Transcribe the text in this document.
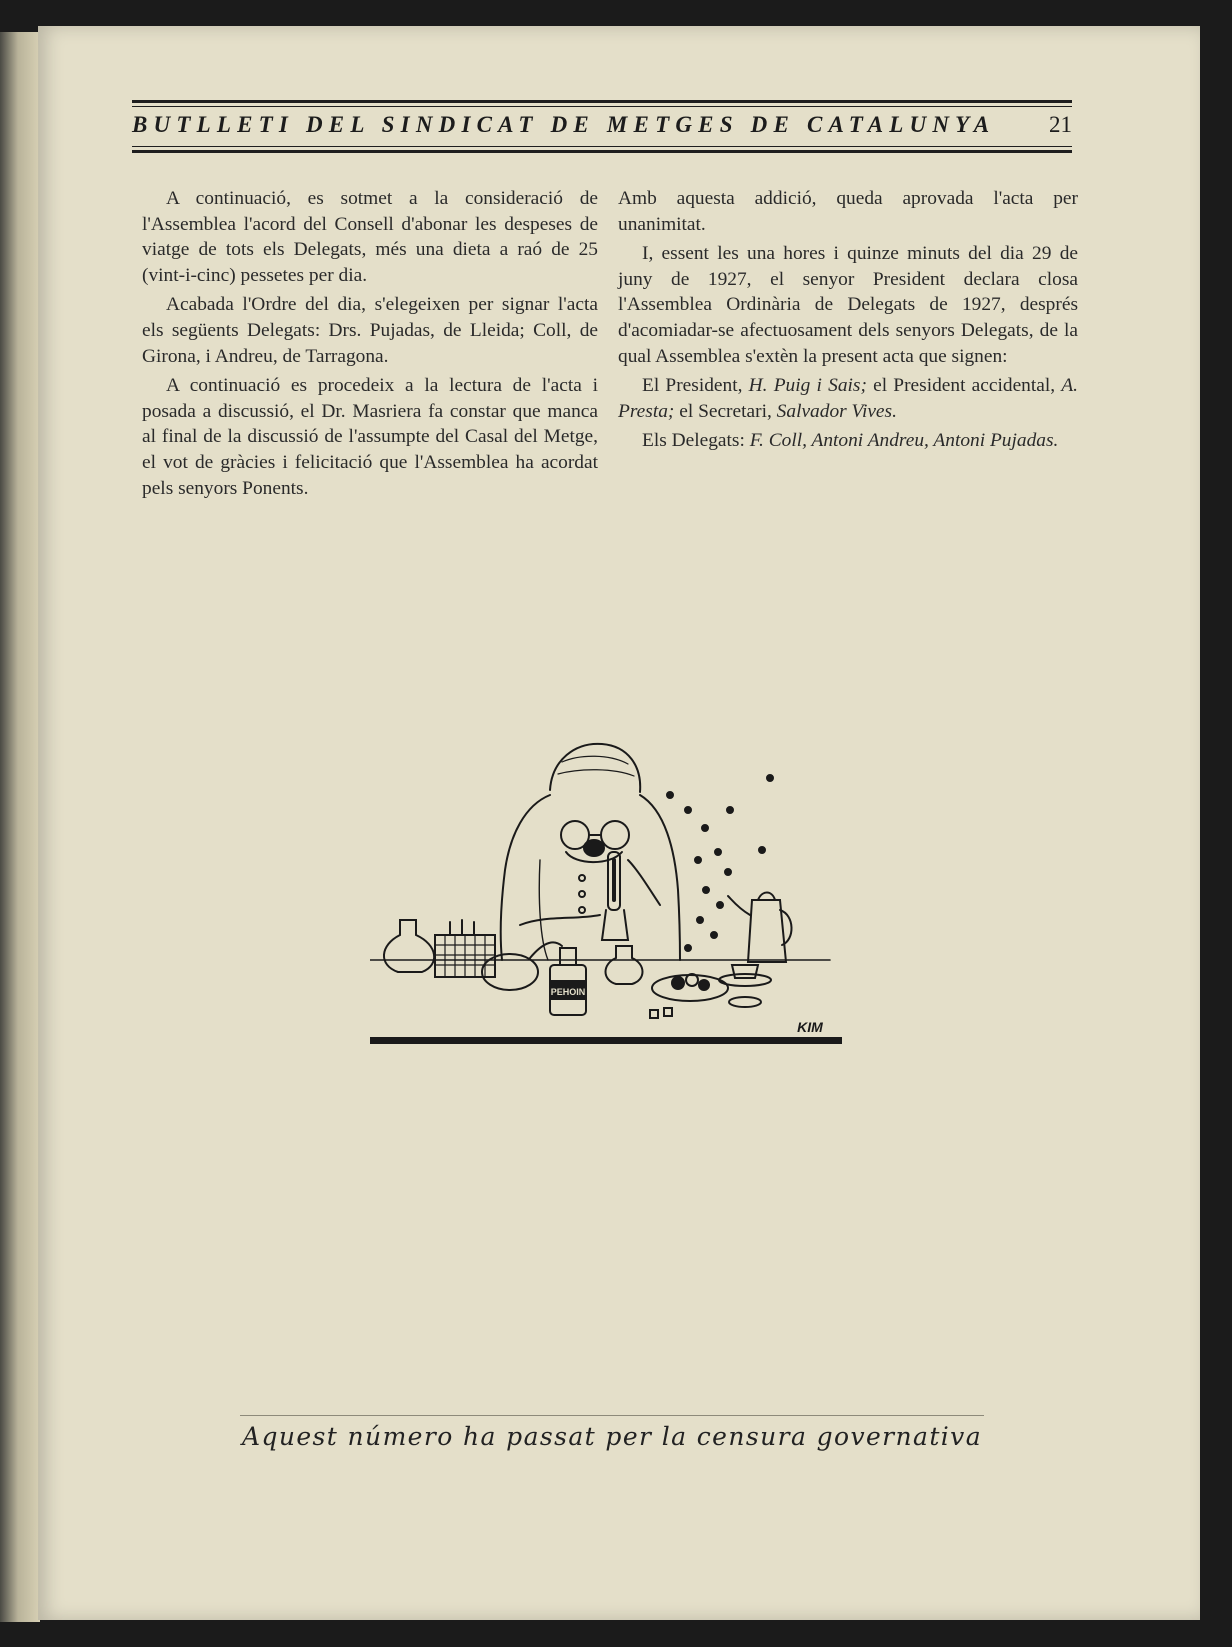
BUTLLETI DEL SINDICAT DE METGES DE CATALUNYA	21

A continuació, es sotmet a la consideració de l'Assemblea l'acord del Consell d'abonar les despeses de viatge de tots els Delegats, més una dieta a raó de 25 (vint-i-cinc) pessetes per dia.

Acabada l'Ordre del dia, s'elegeixen per signar l'acta els següents Delegats: Drs. Pujadas, de Lleida; Coll, de Girona, i Andreu, de Tarragona.

A continuació es procedeix a la lectura de l'acta i posada a discussió, el Dr. Masriera fa constar que manca al final de la discussió de l'assumpte del Casal del Metge, el vot de gràcies i felicitació que l'Assemblea ha acordat pels senyors Ponents.

Amb aquesta addició, queda aprovada l'acta per unanimitat.

I, essent les una hores i quinze minuts del dia 29 de juny de 1927, el senyor President declara closa l'Assemblea Ordinària de Delegats de 1927, després d'acomiadar-se afectuosament dels senyors Delegats, de la qual Assemblea s'extèn la present acta que signen:

El President, H. Puig i Sais; el President accidental, A. Presta; el Secretari, Salvador Vives.

Els Delegats: F. Coll, Antoni Andreu, Antoni Pujadas.

PEHOIN
KIM
Aquest número ha passat per la censura governativa
